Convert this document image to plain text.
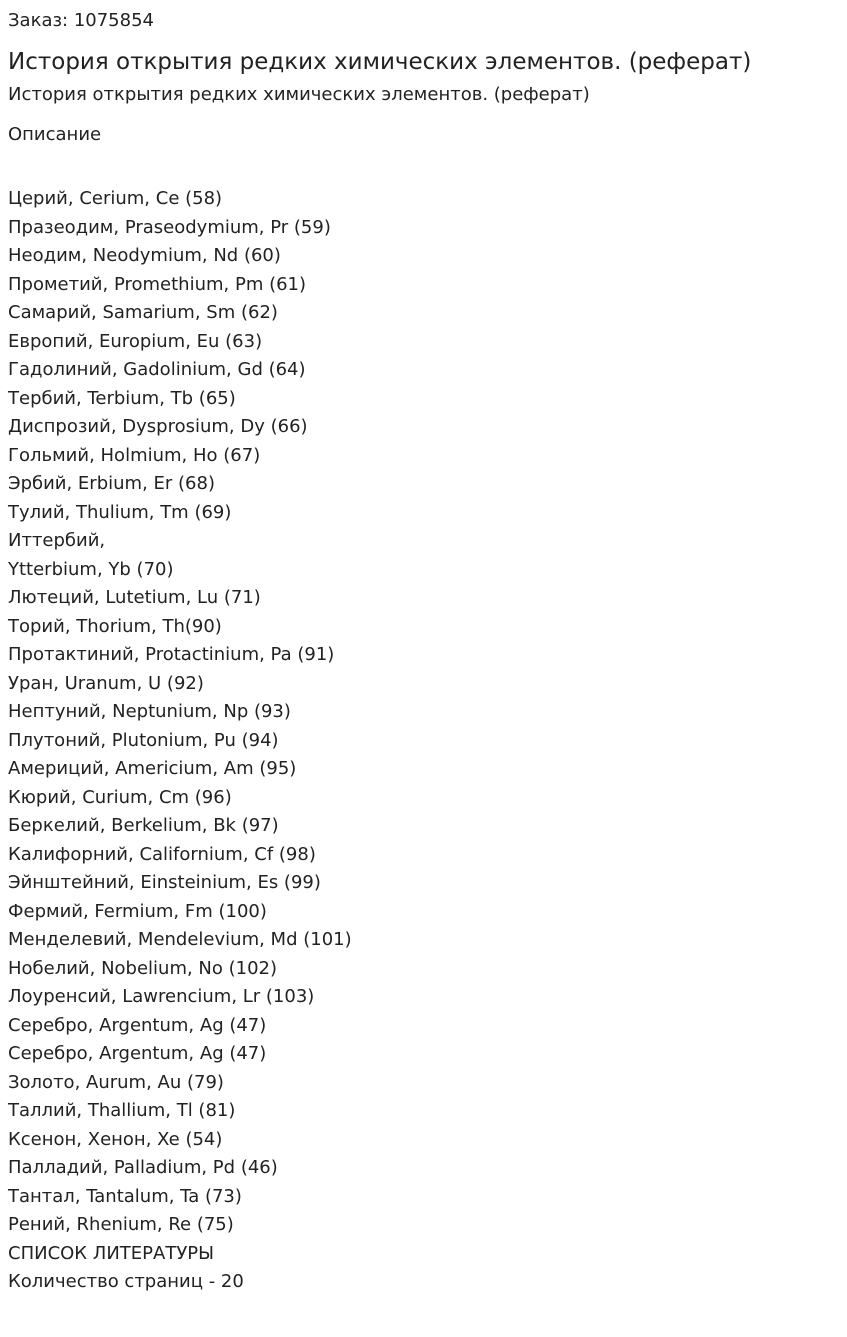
Заказ: 1075854
История открытия редких химических элементов. (реферат)
История открытия редких химических элементов. (реферат)
Описание
Церий, Cerium, Ce (58)
Празеодим, Praseodymium, Pr (59)
Неодим, Neodymium, Nd (60)
Прометий, Promethium, Pm (61)
Самарий, Samarium, Sm (62)
Европий, Europium, Eu (63)
Гадолиний, Gadolinium, Gd (64)
Тербий, Terbium, Tb (65)
Диспрозий, Dysprosium, Dy (66)
Гольмий, Holmium, Ho (67)
Эрбий, Erbium, Er (68)
Тулий, Thulium, Tm (69)
Иттербий,
Ytterbium, Yb (70)
Лютеций, Lutetium, Lu (71)
Торий, Thorium, Th(90)
Протактиний, Protactinium, Pa (91)
Уран, Uranum, U (92)
Нептуний, Neptunium, Np (93)
Плутоний, Plutonium, Pu (94)
Америций, Americium, Am (95)
Кюрий, Curium, Cm (96)
Беркелий, Berkelium, Bk (97)
Калифорний, Californium, Cf (98)
Эйнштейний, Einsteinium, Es (99)
Фермий, Fermium, Fm (100)
Менделевий, Mendelevium, Md (101)
Нобелий, Nobelium, No (102)
Лоуренсий, Lawrencium, Lr (103)
Серебро, Argentum, Ag (47)
Серебро, Argentum, Ag (47)
Золото, Aurum, Au (79)
Таллий, Thallium, Tl (81)
Ксенон, Xенон, Xe (54)
Палладий, Palladium, Pd (46)
Тантал, Tantalum, Ta (73)
Рений, Rhenium, Re (75)
СПИСОК ЛИТЕРАТУРЫ
Количество страниц - 20
